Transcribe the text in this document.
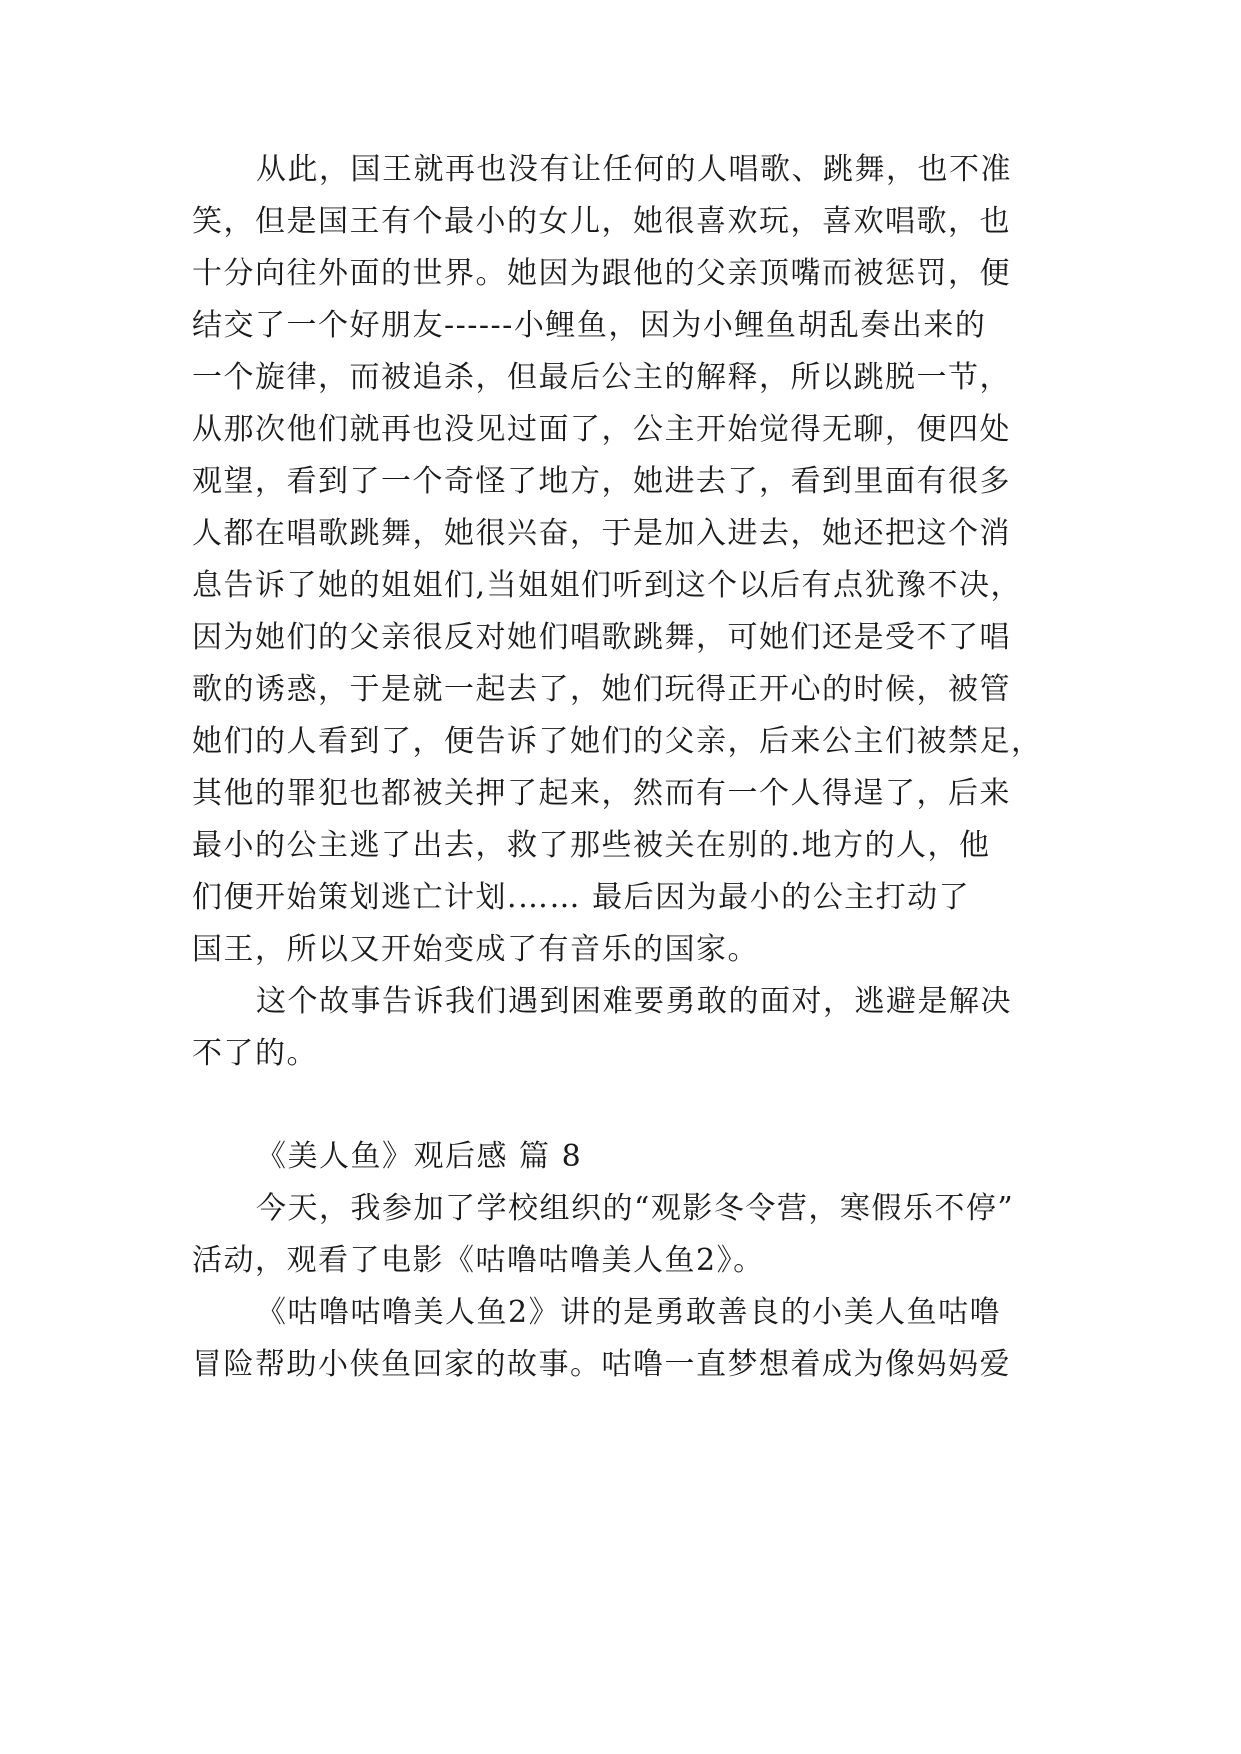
从此，国王就再也没有让任何的人唱歌、跳舞，也不准
笑，但是国王有个最小的女儿，她很喜欢玩，喜欢唱歌，也
十分向往外面的世界。她因为跟他的父亲顶嘴而被惩罚，便
结交了一个好朋友------小鲤鱼，因为小鲤鱼胡乱奏出来的
一个旋律，而被追杀，但最后公主的解释，所以跳脱一节，
从那次他们就再也没见过面了，公主开始觉得无聊，便四处
观望，看到了一个奇怪了地方，她进去了，看到里面有很多
人都在唱歌跳舞，她很兴奋，于是加入进去，她还把这个消
息告诉了她的姐姐们,当姐姐们听到这个以后有点犹豫不决，
因为她们的父亲很反对她们唱歌跳舞，可她们还是受不了唱
歌的诱惑，于是就一起去了，她们玩得正开心的时候，被管
她们的人看到了，便告诉了她们的父亲，后来公主们被禁足，
其他的罪犯也都被关押了起来，然而有一个人得逞了，后来
最小的公主逃了出去，救了那些被关在别的.地方的人，他
们便开始策划逃亡计划.…… 最后因为最小的公主打动了
国王，所以又开始变成了有音乐的国家。
这个故事告诉我们遇到困难要勇敢的面对，逃避是解决
不了的。
《美人鱼》观后感 篇 8
今天，我参加了学校组织的“观影冬令营，寒假乐不停”
活动，观看了电影《咕噜咕噜美人鱼2》。
《咕噜咕噜美人鱼2》讲的是勇敢善良的小美人鱼咕噜
冒险帮助小侠鱼回家的故事。咕噜一直梦想着成为像妈妈爱
